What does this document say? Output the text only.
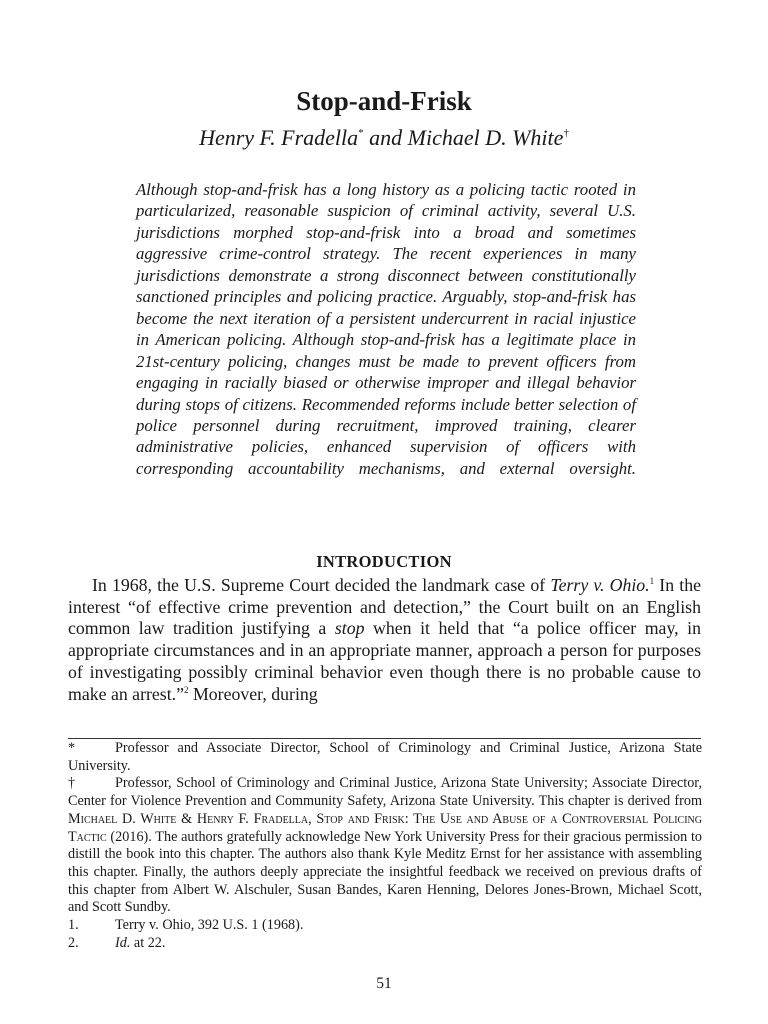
Stop-and-Frisk
Henry F. Fradella* and Michael D. White†

Although stop-and-frisk has a long history as a policing tactic rooted in particularized, reasonable suspicion of criminal activity, several U.S. jurisdictions morphed stop-and-frisk into a broad and sometimes aggressive crime-control strategy. The recent experiences in many jurisdictions demonstrate a strong disconnect between constitutionally sanctioned principles and policing practice. Arguably, stop-and-frisk has become the next iteration of a persistent undercurrent in racial injustice in American policing. Although stop-and-frisk has a legitimate place in 21st-century policing, changes must be made to prevent officers from engaging in racially biased or otherwise improper and illegal behavior during stops of citizens. Recommended reforms include better selection of police personnel during recruitment, improved training, clearer administrative policies, enhanced supervision of officers with corresponding accountability mechanisms, and external oversight.

INTRODUCTION

In 1968, the U.S. Supreme Court decided the landmark case of Terry v. Ohio.$^1$ In the interest “of effective crime prevention and detection,” the Court built on an English common law tradition justifying a stop when it held that “a police officer may, in appropriate circumstances and in an appropriate manner, approach a person for purposes of investigating possibly criminal behavior even though there is no probable cause to make an arrest.”$^2$ Moreover, during

*	Professor and Associate Director, School of Criminology and Criminal Justice, Arizona State University.

†	Professor, School of Criminology and Criminal Justice, Arizona State University; Associate Director, Center for Violence Prevention and Community Safety, Arizona State University. This chapter is derived from Michael D. White & Henry F. Fradella, Stop and Frisk: The Use and Abuse of a Controversial Policing Tactic (2016). The authors gratefully acknowledge New York University Press for their gracious permission to distill the book into this chapter. The authors also thank Kyle Meditz Ernst for her assistance with assembling this chapter. Finally, the authors deeply appreciate the insightful feedback we received on previous drafts of this chapter from Albert W. Alschuler, Susan Bandes, Karen Henning, Delores Jones-Brown, Michael Scott, and Scott Sundby.

1.	Terry v. Ohio, 392 U.S. 1 (1968).

2.	Id. at 22.

51
